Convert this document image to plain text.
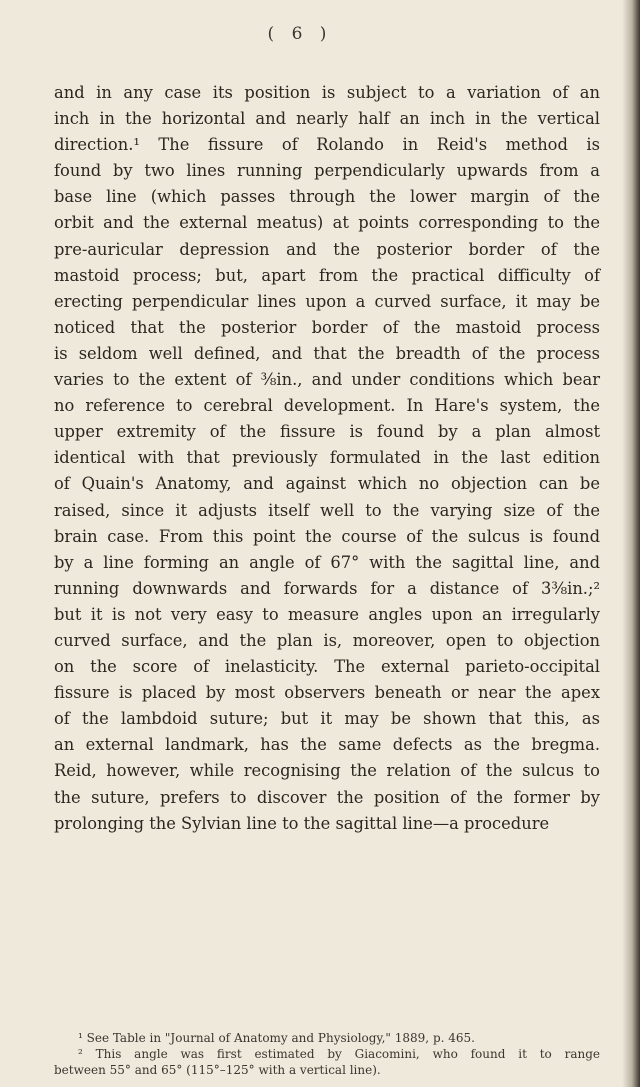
( 6 )
and in any case its position is subject to a variation of an
inch in the horizontal and nearly half an inch in the vertical
direction.¹ The fissure of Rolando in Reid's method is
found by two lines running perpendicularly upwards from a
base line (which passes through the lower margin of the
orbit and the external meatus) at points corresponding to the
pre-auricular depression and the posterior border of the
mastoid process; but, apart from the practical difficulty of
erecting perpendicular lines upon a curved surface, it may be
noticed that the posterior border of the mastoid process
is seldom well defined, and that the breadth of the process
varies to the extent of ⅜in., and under conditions which bear
no reference to cerebral development. In Hare's system, the
upper extremity of the fissure is found by a plan almost
identical with that previously formulated in the last edition
of Quain's Anatomy, and against which no objection can be
raised, since it adjusts itself well to the varying size of the
brain case. From this point the course of the sulcus is found
by a line forming an angle of 67° with the sagittal line, and
running downwards and forwards for a distance of 3⅜in.;²
but it is not very easy to measure angles upon an irregularly
curved surface, and the plan is, moreover, open to objection
on the score of inelasticity. The external parieto-occipital
fissure is placed by most observers beneath or near the apex
of the lambdoid suture; but it may be shown that this, as
an external landmark, has the same defects as the bregma.
Reid, however, while recognising the relation of the sulcus to
the suture, prefers to discover the position of the former by
prolonging the Sylvian line to the sagittal line—a procedure
¹ See Table in "Journal of Anatomy and Physiology," 1889, p. 465.
² This angle was first estimated by Giacomini, who found it to range
between 55° and 65° (115°–125° with a vertical line).
